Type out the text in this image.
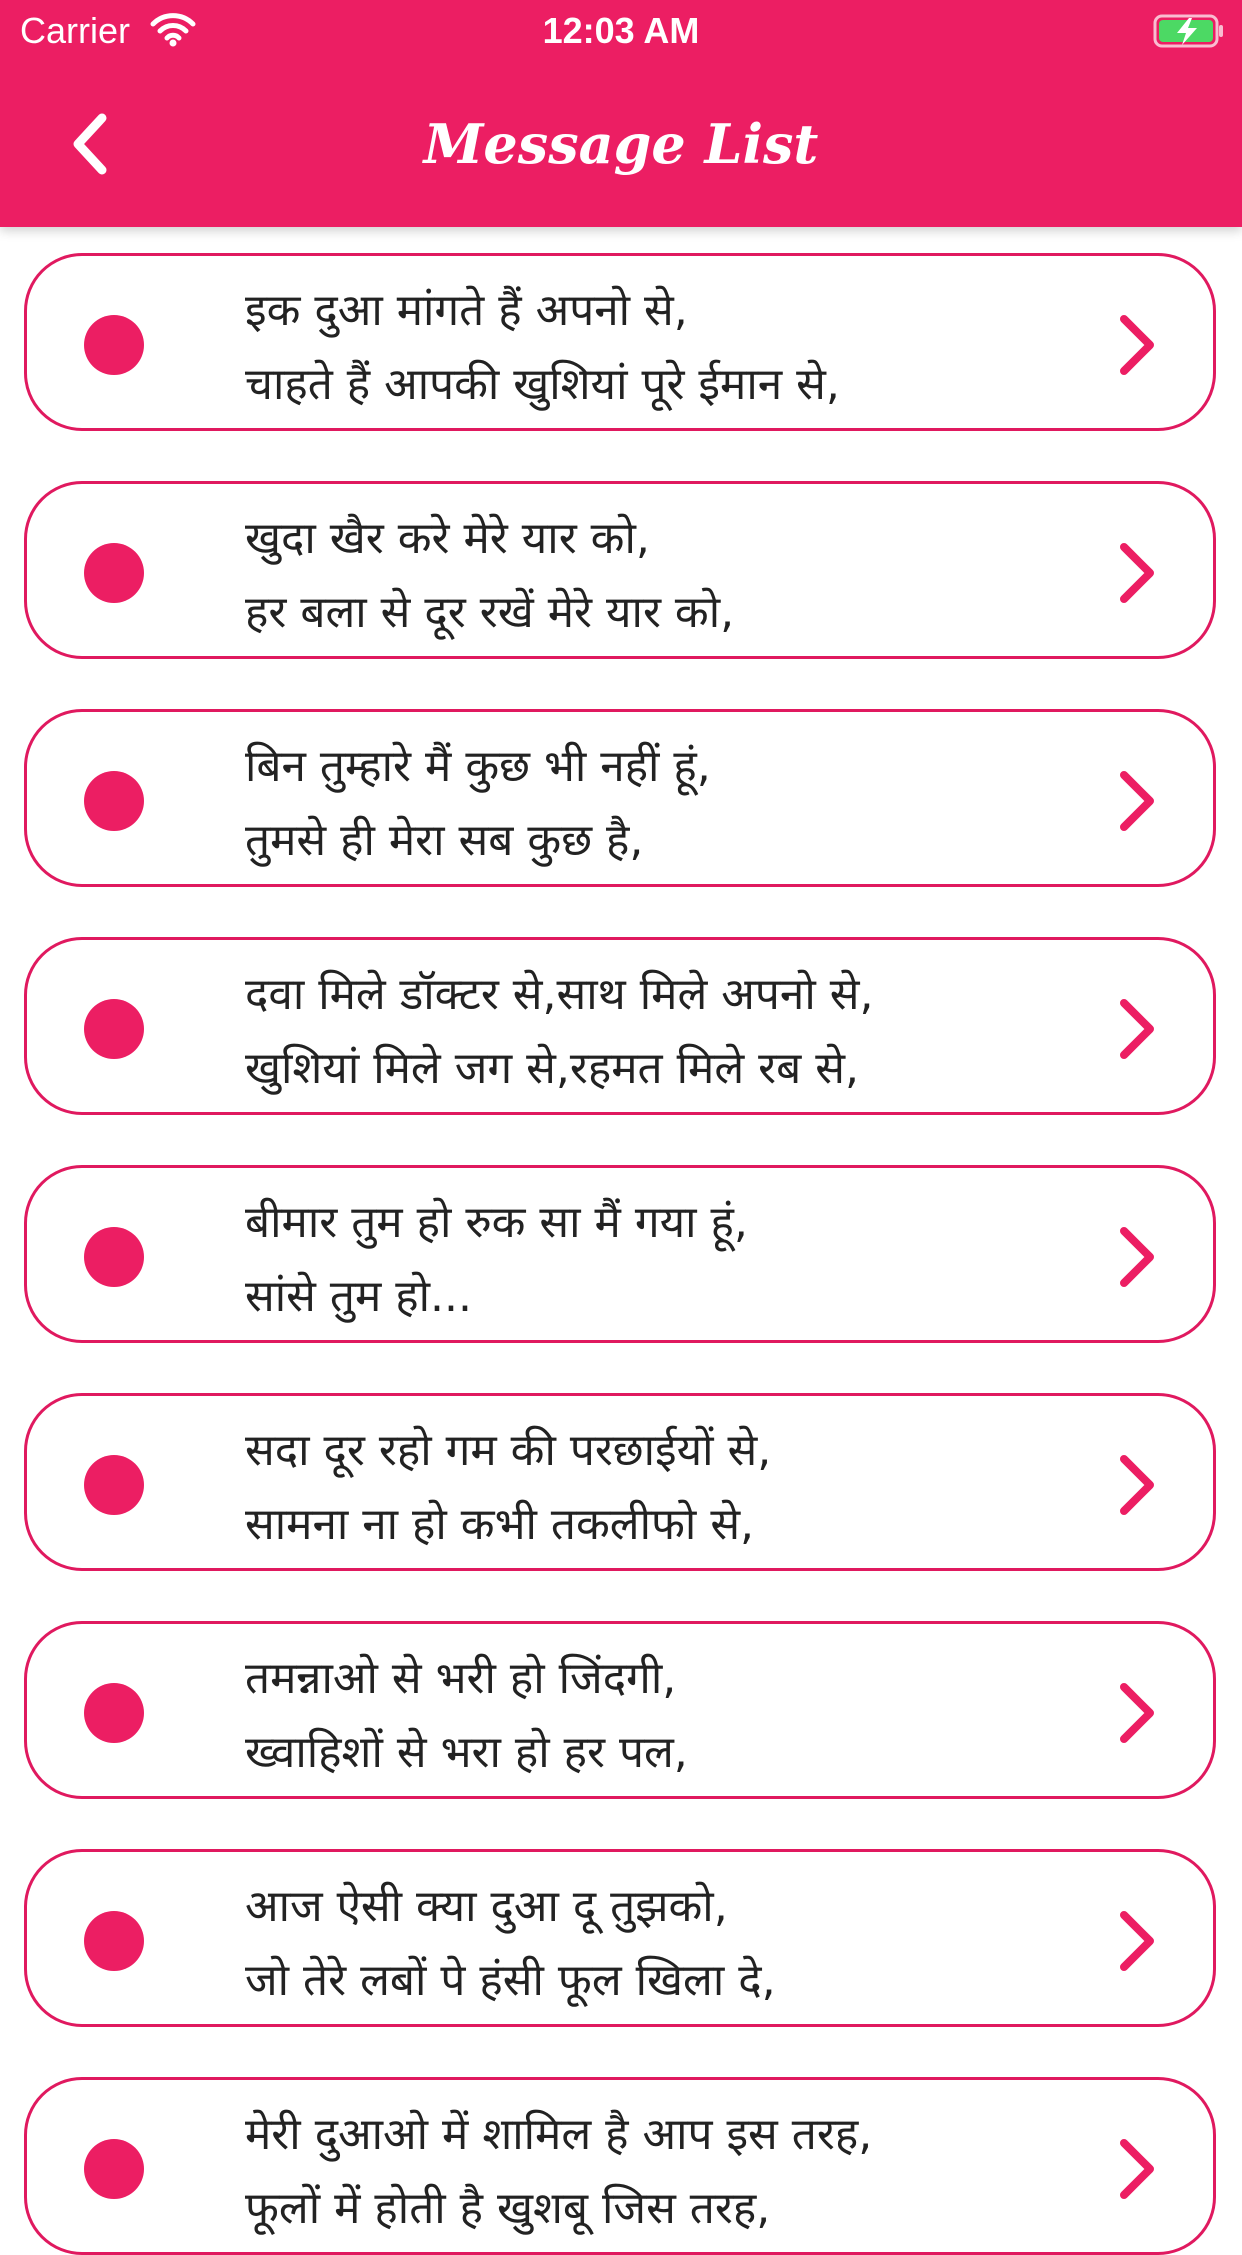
Carrier	12:03 AM
Message List
इक दुआ मांगते हैं अपनो से,
चाहते हैं आपकी खुशियां पूरे ईमान से,
खुदा खैर करे मेरे यार को,
हर बला से दूर रखें मेरे यार को,
बिन तुम्हारे मैं कुछ भी नहीं हूं,
तुमसे ही मेरा सब कुछ है,
दवा मिले डॉक्टर से,साथ मिले अपनो से,
खुशियां मिले जग से,रहमत मिले रब से,
बीमार तुम हो रुक सा मैं गया हूं,
सांसे तुम हो...
सदा दूर रहो गम की परछाईयों से,
सामना ना हो कभी तकलीफो से,
तमन्नाओ से भरी हो जिंदगी,
ख्वाहिशों से भरा हो हर पल,
आज ऐसी क्या दुआ दू तुझको,
जो तेरे लबों पे हंसी फूल खिला दे,
मेरी दुआओ में शामिल है आप इस तरह,
फूलों में होती है खुशबू जिस तरह,
